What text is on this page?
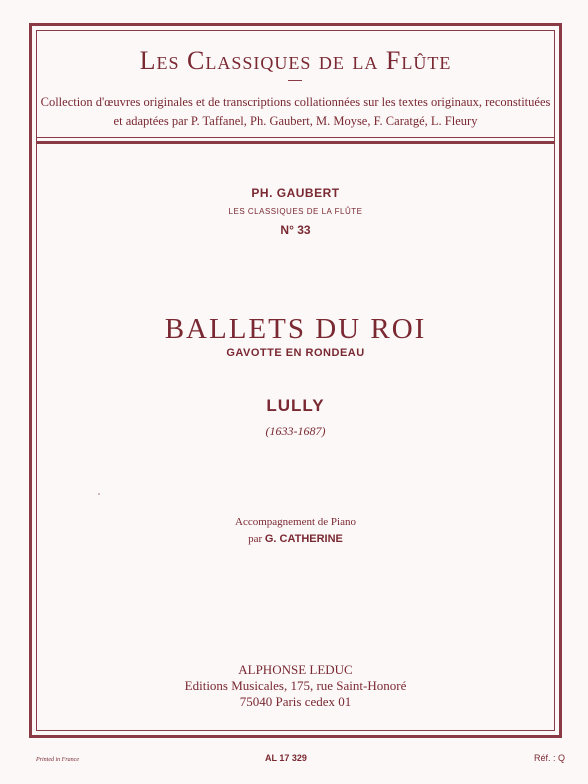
Les Classiques de la Flûte
Collection d'œuvres originales et de transcriptions collationnées sur les textes originaux, reconstituées
et adaptées par P. Taffanel, Ph. Gaubert, M. Moyse, F. Caratgé, L. Fleury
PH. GAUBERT
LES CLASSIQUES DE LA FLÛTE
N° 33
BALLETS DU ROI
GAVOTTE EN RONDEAU
LULLY
(1633-1687)
Accompagnement de Piano
par G. CATHERINE
ALPHONSE LEDUC
Editions Musicales, 175, rue Saint-Honoré
75040 Paris cedex 01
Printed in France	AL 17 329	Réf. : Q
